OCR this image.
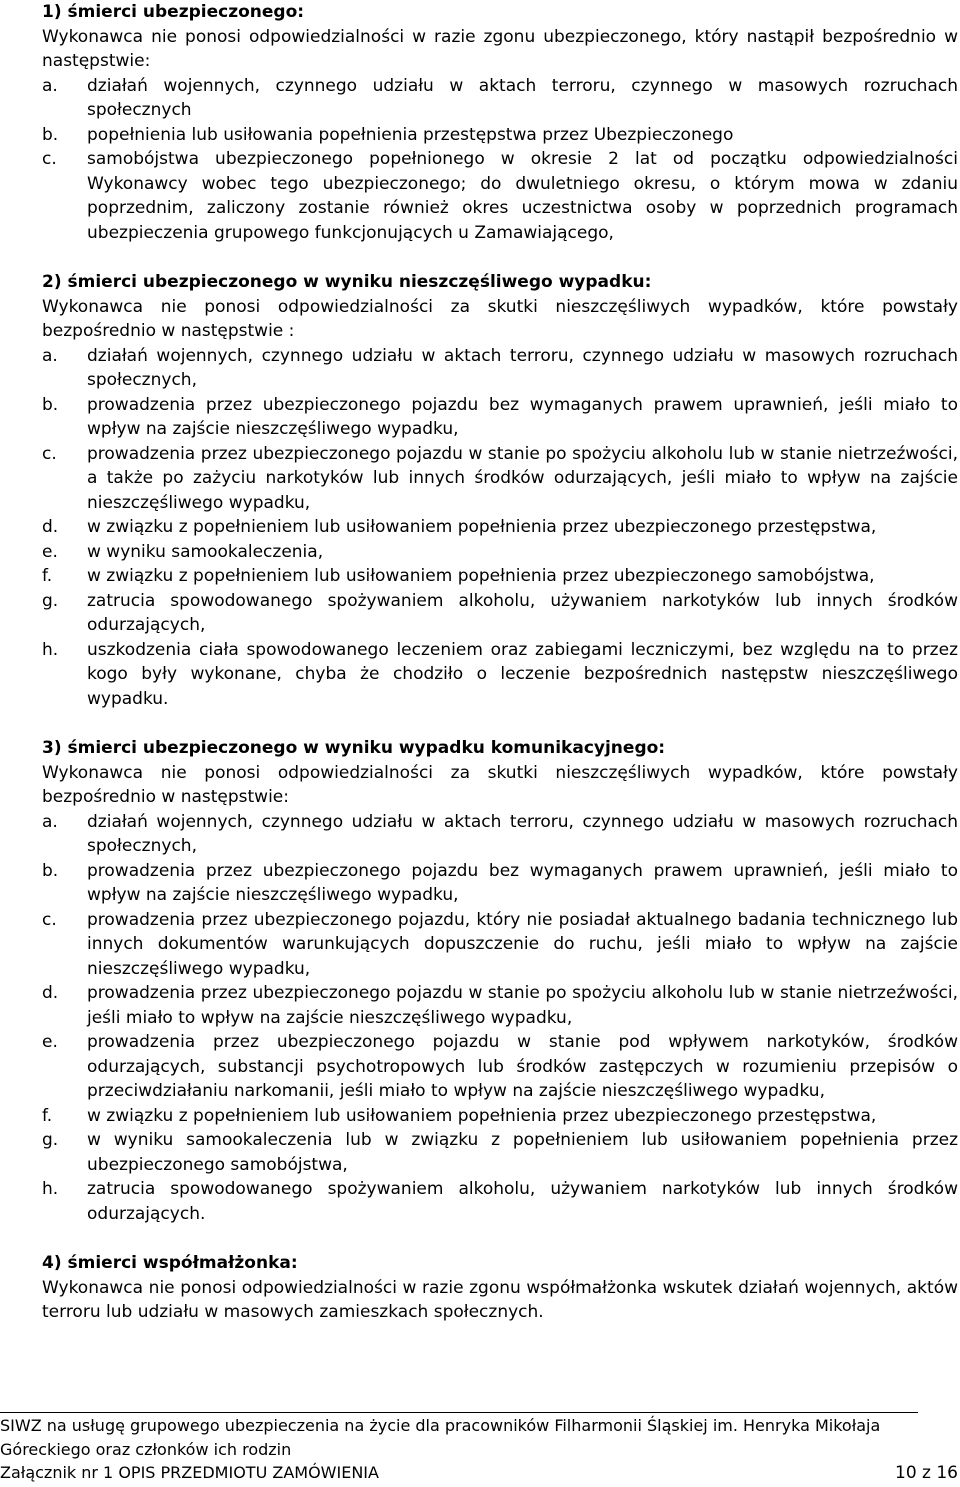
1) śmierci ubezpieczonego:

Wykonawca nie ponosi odpowiedzialności w razie zgonu ubezpieczonego, który nastąpił bezpośrednio w następstwie:

a.	działań wojennych, czynnego udziału w aktach terroru, czynnego w masowych rozruchach społecznych
b.	popełnienia lub usiłowania popełnienia przestępstwa przez Ubezpieczonego
c.	samobójstwa ubezpieczonego popełnionego w okresie 2 lat od początku odpowiedzialności Wykonawcy wobec tego ubezpieczonego; do dwuletniego okresu, o którym mowa w zdaniu poprzednim, zaliczony zostanie również okres uczestnictwa osoby w poprzednich programach ubezpieczenia grupowego funkcjonujących u Zamawiającego,

2) śmierci ubezpieczonego w wyniku nieszczęśliwego wypadku:

Wykonawca nie ponosi odpowiedzialności za skutki nieszczęśliwych wypadków, które powstały bezpośrednio w następstwie :

a.	działań wojennych, czynnego udziału w aktach terroru, czynnego udziału w masowych rozruchach społecznych,
b.	prowadzenia przez ubezpieczonego pojazdu bez wymaganych prawem uprawnień, jeśli miało to wpływ na zajście nieszczęśliwego wypadku,
c.	prowadzenia przez ubezpieczonego pojazdu w stanie po spożyciu alkoholu lub w stanie nietrzeźwości, a także po zażyciu narkotyków lub innych środków odurzających, jeśli miało to wpływ na zajście nieszczęśliwego wypadku,
d.	w związku z popełnieniem lub usiłowaniem popełnienia przez ubezpieczonego przestępstwa,
e.	w wyniku samookaleczenia,
f.	w związku z popełnieniem lub usiłowaniem popełnienia przez ubezpieczonego samobójstwa,
g.	zatrucia spowodowanego spożywaniem alkoholu, używaniem narkotyków lub innych środków odurzających,
h.	uszkodzenia ciała spowodowanego leczeniem oraz zabiegami leczniczymi, bez względu na to przez kogo były wykonane, chyba że chodziło o leczenie bezpośrednich następstw nieszczęśliwego wypadku.

3) śmierci ubezpieczonego w wyniku wypadku komunikacyjnego:

Wykonawca nie ponosi odpowiedzialności za skutki nieszczęśliwych wypadków, które powstały bezpośrednio w następstwie:

a.	działań wojennych, czynnego udziału w aktach terroru, czynnego udziału w masowych rozruchach społecznych,
b.	prowadzenia przez ubezpieczonego pojazdu bez wymaganych prawem uprawnień, jeśli miało to wpływ na zajście nieszczęśliwego wypadku,
c.	prowadzenia przez ubezpieczonego pojazdu, który nie posiadał aktualnego badania technicznego lub innych dokumentów warunkujących dopuszczenie do ruchu, jeśli miało to wpływ na zajście nieszczęśliwego wypadku,
d.	prowadzenia przez ubezpieczonego pojazdu w stanie po spożyciu alkoholu lub w stanie nietrzeźwości, jeśli miało to wpływ na zajście nieszczęśliwego wypadku,
e.	prowadzenia przez ubezpieczonego pojazdu w stanie pod wpływem narkotyków, środków odurzających, substancji psychotropowych lub środków zastępczych w rozumieniu przepisów o przeciwdziałaniu narkomanii, jeśli miało to wpływ na zajście nieszczęśliwego wypadku,
f.	w związku z popełnieniem lub usiłowaniem popełnienia przez ubezpieczonego przestępstwa,
g.	w wyniku samookaleczenia lub w związku z popełnieniem lub usiłowaniem popełnienia przez ubezpieczonego samobójstwa,
h.	zatrucia spowodowanego spożywaniem alkoholu, używaniem narkotyków lub innych środków odurzających.

4) śmierci współmałżonka:

Wykonawca nie ponosi odpowiedzialności w razie zgonu współmałżonka wskutek działań wojennych, aktów terroru lub udziału w masowych zamieszkach społecznych.

SIWZ na usługę grupowego ubezpieczenia na życie dla pracowników Filharmonii Śląskiej im. Henryka Mikołaja
Góreckiego oraz członków ich rodzin
Załącznik nr 1 OPIS PRZEDMIOTU ZAMÓWIENIA	10 z 16
